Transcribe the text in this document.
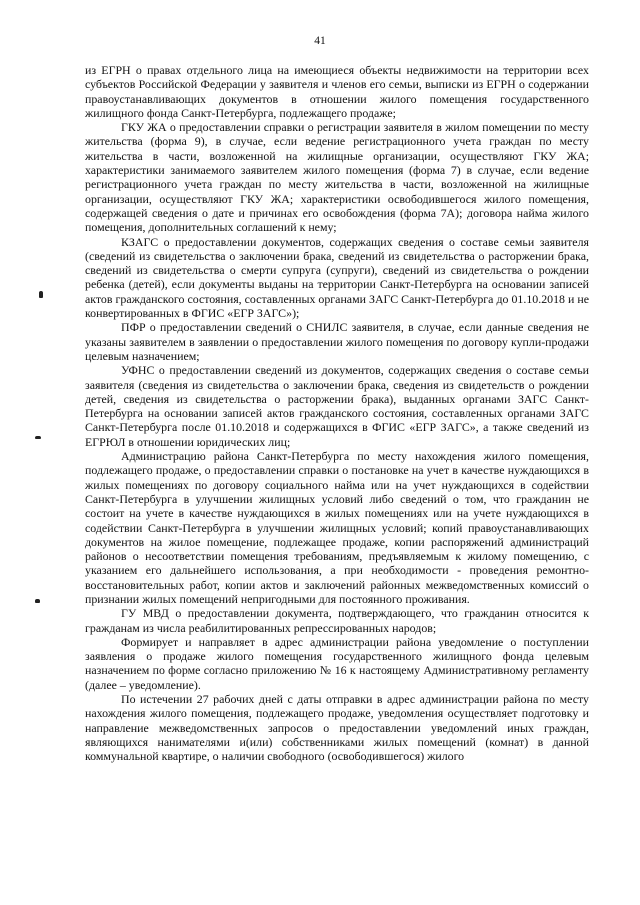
41

из ЕГРН о правах отдельного лица на имеющиеся объекты недвижимости на территории всех субъектов Российской Федерации у заявителя и членов его семьи, выписки из ЕГРН о содержании правоустанавливающих документов в отношении жилого помещения государственного жилищного фонда Санкт-Петербурга, подлежащего продаже;

ГКУ ЖА о предоставлении справки о регистрации заявителя в жилом помещении по месту жительства (форма 9), в случае, если ведение регистрационного учета граждан по месту жительства в части, возложенной на жилищные организации, осуществляют ГКУ ЖА; характеристики занимаемого заявителем жилого помещения (форма 7) в случае, если ведение регистрационного учета граждан по месту жительства в части, возложенной на жилищные организации, осуществляют ГКУ ЖА; характеристики освободившегося жилого помещения, содержащей сведения о дате и причинах его освобождения (форма 7А); договора найма жилого помещения, дополнительных соглашений к нему;

КЗАГС о предоставлении документов, содержащих сведения о составе семьи заявителя (сведений из свидетельства о заключении брака, сведений из свидетельства о расторжении брака, сведений из свидетельства о смерти супруга (супруги), сведений из свидетельства о рождении ребенка (детей), если документы выданы на территории Санкт-Петербурга на основании записей актов гражданского состояния, составленных органами ЗАГС Санкт-Петербурга до 01.10.2018 и не конвертированных в ФГИС «ЕГР ЗАГС»);

ПФР о предоставлении сведений о СНИЛС заявителя, в случае, если данные сведения не указаны заявителем в заявлении о предоставлении жилого помещения по договору купли-продажи целевым назначением;

УФНС о предоставлении сведений из документов, содержащих сведения о составе семьи заявителя (сведения из свидетельства о заключении брака, сведения из свидетельств о рождении детей, сведения из свидетельства о расторжении брака), выданных органами ЗАГС Санкт-Петербурга на основании записей актов гражданского состояния, составленных органами ЗАГС Санкт-Петербурга после 01.10.2018 и содержащихся в ФГИС «ЕГР ЗАГС», а также сведений из ЕГРЮЛ в отношении юридических лиц;

Администрацию района Санкт-Петербурга по месту нахождения жилого помещения, подлежащего продаже, о предоставлении справки о постановке на учет в качестве нуждающихся в жилых помещениях по договору социального найма или на учет нуждающихся в содействии Санкт-Петербурга в улучшении жилищных условий либо сведений о том, что гражданин не состоит на учете в качестве нуждающихся в жилых помещениях или на учете нуждающихся в содействии Санкт-Петербурга в улучшении жилищных условий; копий правоустанавливающих документов на жилое помещение, подлежащее продаже, копии распоряжений администраций районов о несоответствии помещения требованиям, предъявляемым к жилому помещению, с указанием его дальнейшего использования, а при необходимости - проведения ремонтно-восстановительных работ, копии актов и заключений районных межведомственных комиссий о признании жилых помещений непригодными для постоянного проживания.

ГУ МВД о предоставлении документа, подтверждающего, что гражданин относится к гражданам из числа реабилитированных репрессированных народов;

Формирует и направляет в адрес администрации района уведомление о поступлении заявления о продаже жилого помещения государственного жилищного фонда целевым назначением по форме согласно приложению № 16 к настоящему Административному регламенту (далее – уведомление).

По истечении 27 рабочих дней с даты отправки в адрес администрации района по месту нахождения жилого помещения, подлежащего продаже, уведомления осуществляет подготовку и направление межведомственных запросов о предоставлении уведомлений иных граждан, являющихся нанимателями и(или) собственниками жилых помещений (комнат) в данной коммунальной квартире, о наличии свободного (освободившегося) жилого
